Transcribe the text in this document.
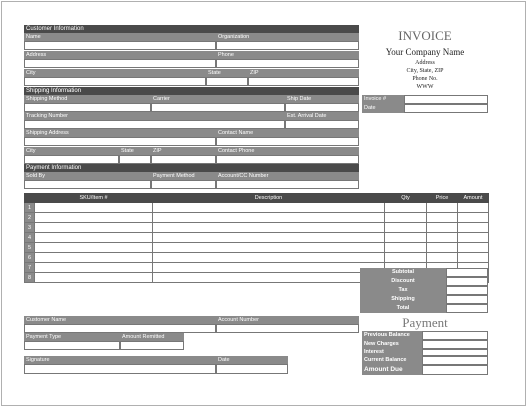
Customer Information
Name	Organization
Address	Phone
City	State	ZIP
Shipping Information
Shipping Method	Carrier	Ship Date
Tracking Number	Est. Arrival Date
Shipping Address	Contact Name
City	State	ZIP	Contact Phone
Payment Information
Sold By	Payment Method	Account/CC Number
INVOICE
Your Company Name
Address
City, State, ZIP
Phone No.
WWW
Invoice #
Date
	SKU/Item #	Description	Qty	Price	Amount
1					
2					
3					
4					
5					
6					
7					
8					
Subtotal
Discount
Tax
Shipping
Total
Customer Name	Account Number
Payment Type	Amount Remitted
Signature	Date
Payment
Previous Balance
New Charges
Interest
Current Balance
Amount Due
